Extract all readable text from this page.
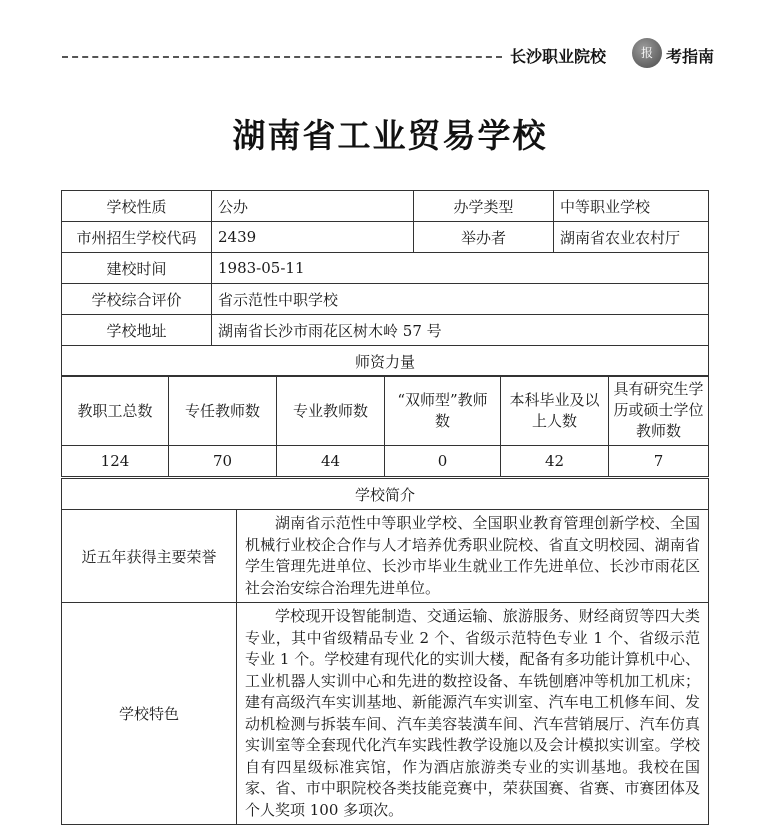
长沙职业院校	报 考指南
湖南省工业贸易学校
学校性质	公办	办学类型	中等职业学校
市州招生学校代码	2439	举办者	湖南省农业农村厅
建校时间	1983-05-11		
学校综合评价	省示范性中职学校		
学校地址	湖南省长沙市雨花区树木岭 57 号		
师资力量			
教职工总数	专任教师数	专业教师数	“双师型”教师数	本科毕业及以上人数	具有研究生学历或硕士学位教师数
124	70	44	0	42	7
学校简介	
近五年获得主要荣誉	湖南省示范性中等职业学校、全国职业教育管理创新学校、全国机械行业校企合作与人才培养优秀职业院校、省直文明校园、湖南省学生管理先进单位、长沙市毕业生就业工作先进单位、长沙市雨花区社会治安综合治理先进单位。
学校特色	学校现开设智能制造、交通运输、旅游服务、财经商贸等四大类专业，其中省级精品专业 2 个、省级示范特色专业 1 个、省级示范专业 1 个。学校建有现代化的实训大楼，配备有多功能计算机中心、工业机器人实训中心和先进的数控设备、车铣刨磨冲等机加工机床；建有高级汽车实训基地、新能源汽车实训室、汽车电工机修车间、发动机检测与拆装车间、汽车美容装潢车间、汽车营销展厅、汽车仿真实训室等全套现代化汽车实践性教学设施以及会计模拟实训室。学校自有四星级标准宾馆，作为酒店旅游类专业的实训基地。我校在国家、省、市中职院校各类技能竞赛中，荣获国赛、省赛、市赛团体及个人奖项 100 多项次。
